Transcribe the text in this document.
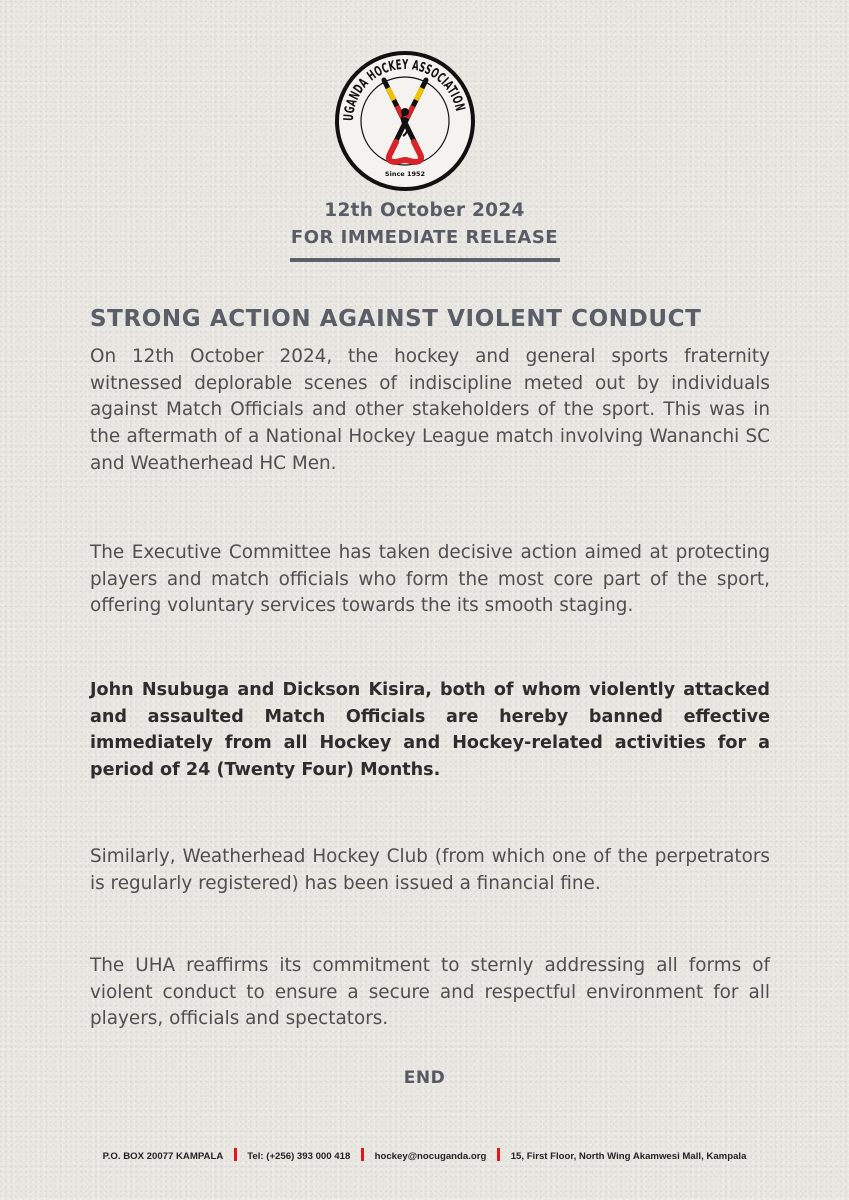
UGANDA HOCKEY ASSOCIATION
Since 1952
12th October 2024
FOR IMMEDIATE RELEASE
STRONG ACTION AGAINST VIOLENT CONDUCT

On 12th October 2024, the hockey and general sports fraternity witnessed deplorable scenes of indiscipline meted out by individuals against Match Officials and other stakeholders of the sport. This was in the aftermath of a National Hockey League match involving Wananchi SC and Weatherhead HC Men.

The Executive Committee has taken decisive action aimed at protecting players and match officials who form the most core part of the sport, offering voluntary services towards the its smooth staging.

John Nsubuga and Dickson Kisira, both of whom violently attacked and assaulted Match Officials are hereby banned effective immediately from all Hockey and Hockey-related activities for a period of 24 (Twenty Four) Months.

Similarly, Weatherhead Hockey Club (from which one of the perpetrators is regularly registered) has been issued a financial fine.

The UHA reaffirms its commitment to sternly addressing all forms of violent conduct to ensure a secure and respectful environment for all players, officials and spectators.

END
P.O. BOX 20077 KAMPALA	Tel: (+256) 393 000 418	hockey@nocuganda.org	15, First Floor, North Wing Akamwesi Mall, Kampala
